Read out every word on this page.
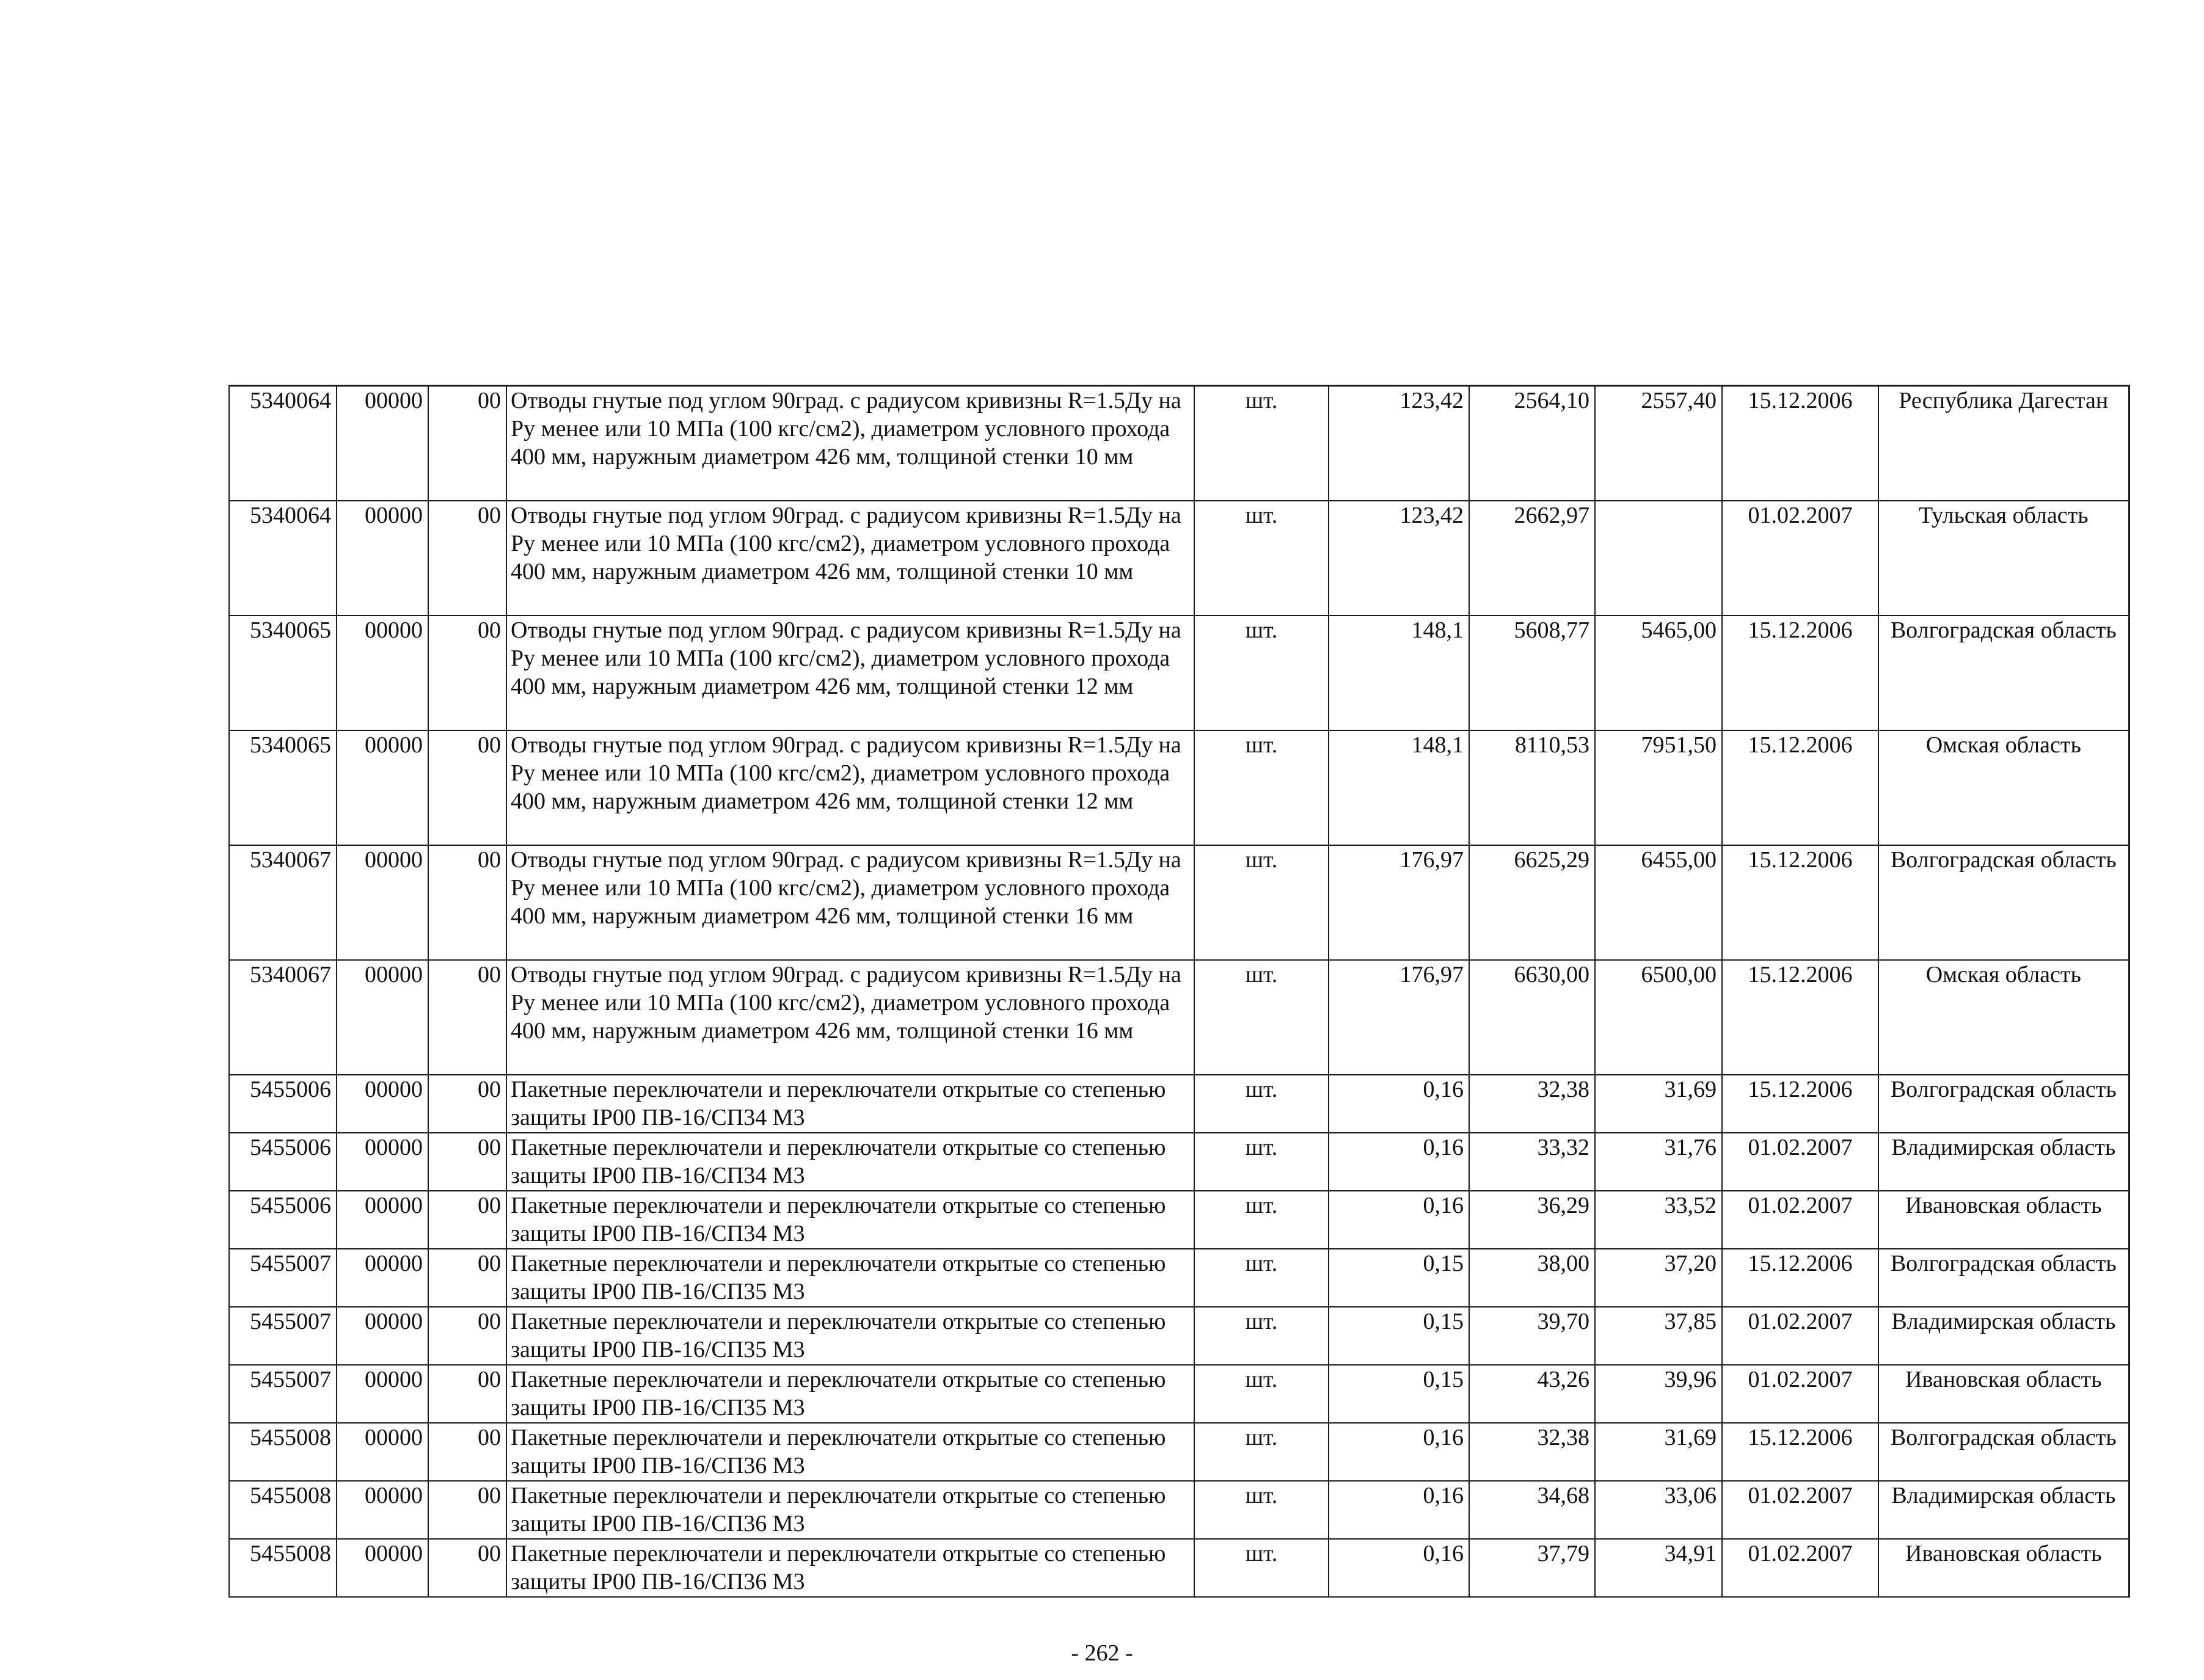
5340064	00000	00	Отводы гнутые под углом 90град. с радиусом кривизны R=1.5Ду на Ру менее или 10 МПа (100 кгс/см2), диаметром условного прохода 400 мм, наружным диаметром 426 мм, толщиной стенки 10 мм	шт.	123,42	2564,10	2557,40	15.12.2006	Республика Дагестан
5340064	00000	00	Отводы гнутые под углом 90град. с радиусом кривизны R=1.5Ду на Ру менее или 10 МПа (100 кгс/см2), диаметром условного прохода 400 мм, наружным диаметром 426 мм, толщиной стенки 10 мм	шт.	123,42	2662,97		01.02.2007	Тульская область
5340065	00000	00	Отводы гнутые под углом 90град. с радиусом кривизны R=1.5Ду на Ру менее или 10 МПа (100 кгс/см2), диаметром условного прохода 400 мм, наружным диаметром 426 мм, толщиной стенки 12 мм	шт.	148,1	5608,77	5465,00	15.12.2006	Волгоградская область
5340065	00000	00	Отводы гнутые под углом 90град. с радиусом кривизны R=1.5Ду на Ру менее или 10 МПа (100 кгс/см2), диаметром условного прохода 400 мм, наружным диаметром 426 мм, толщиной стенки 12 мм	шт.	148,1	8110,53	7951,50	15.12.2006	Омская область
5340067	00000	00	Отводы гнутые под углом 90град. с радиусом кривизны R=1.5Ду на Ру менее или 10 МПа (100 кгс/см2), диаметром условного прохода 400 мм, наружным диаметром 426 мм, толщиной стенки 16 мм	шт.	176,97	6625,29	6455,00	15.12.2006	Волгоградская область
5340067	00000	00	Отводы гнутые под углом 90град. с радиусом кривизны R=1.5Ду на Ру менее или 10 МПа (100 кгс/см2), диаметром условного прохода 400 мм, наружным диаметром 426 мм, толщиной стенки 16 мм	шт.	176,97	6630,00	6500,00	15.12.2006	Омская область
5455006	00000	00	Пакетные переключатели и переключатели открытые со степенью защиты IP00 ПВ-16/СП34 М3	шт.	0,16	32,38	31,69	15.12.2006	Волгоградская область
5455006	00000	00	Пакетные переключатели и переключатели открытые со степенью защиты IP00 ПВ-16/СП34 М3	шт.	0,16	33,32	31,76	01.02.2007	Владимирская область
5455006	00000	00	Пакетные переключатели и переключатели открытые со степенью защиты IP00 ПВ-16/СП34 М3	шт.	0,16	36,29	33,52	01.02.2007	Ивановская область
5455007	00000	00	Пакетные переключатели и переключатели открытые со степенью защиты IP00 ПВ-16/СП35 М3	шт.	0,15	38,00	37,20	15.12.2006	Волгоградская область
5455007	00000	00	Пакетные переключатели и переключатели открытые со степенью защиты IP00 ПВ-16/СП35 М3	шт.	0,15	39,70	37,85	01.02.2007	Владимирская область
5455007	00000	00	Пакетные переключатели и переключатели открытые со степенью защиты IP00 ПВ-16/СП35 М3	шт.	0,15	43,26	39,96	01.02.2007	Ивановская область
5455008	00000	00	Пакетные переключатели и переключатели открытые со степенью защиты IP00 ПВ-16/СП36 М3	шт.	0,16	32,38	31,69	15.12.2006	Волгоградская область
5455008	00000	00	Пакетные переключатели и переключатели открытые со степенью защиты IP00 ПВ-16/СП36 М3	шт.	0,16	34,68	33,06	01.02.2007	Владимирская область
5455008	00000	00	Пакетные переключатели и переключатели открытые со степенью защиты IP00 ПВ-16/СП36 М3	шт.	0,16	37,79	34,91	01.02.2007	Ивановская область
- 262 -
